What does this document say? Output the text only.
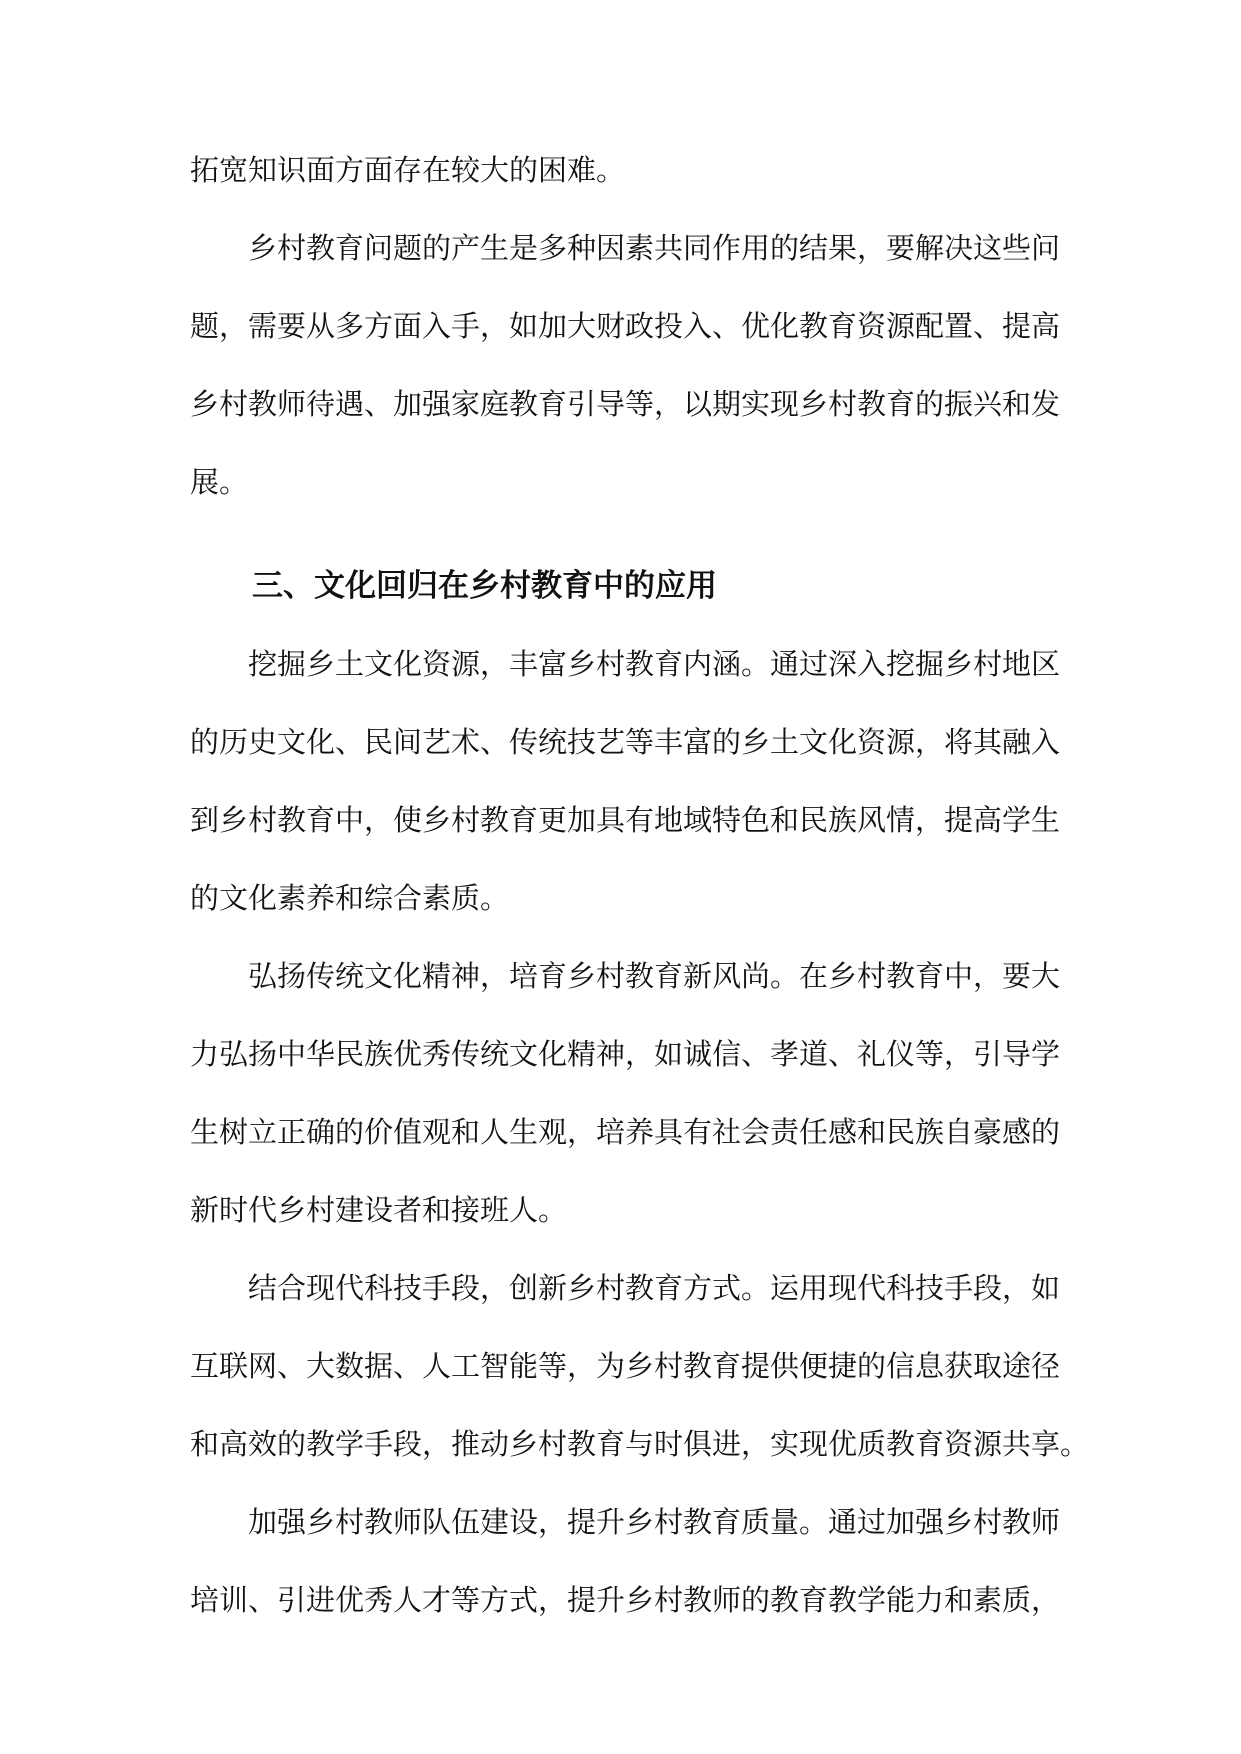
拓宽知识面方面存在较大的困难。
乡村教育问题的产生是多种因素共同作用的结果，要解决这些问
题，需要从多方面入手，如加大财政投入、优化教育资源配置、提高
乡村教师待遇、加强家庭教育引导等，以期实现乡村教育的振兴和发
展。
三、文化回归在乡村教育中的应用
挖掘乡土文化资源，丰富乡村教育内涵。通过深入挖掘乡村地区
的历史文化、民间艺术、传统技艺等丰富的乡土文化资源，将其融入
到乡村教育中，使乡村教育更加具有地域特色和民族风情，提高学生
的文化素养和综合素质。
弘扬传统文化精神，培育乡村教育新风尚。在乡村教育中，要大
力弘扬中华民族优秀传统文化精神，如诚信、孝道、礼仪等，引导学
生树立正确的价值观和人生观，培养具有社会责任感和民族自豪感的
新时代乡村建设者和接班人。
结合现代科技手段，创新乡村教育方式。运用现代科技手段，如
互联网、大数据、人工智能等，为乡村教育提供便捷的信息获取途径
和高效的教学手段，推动乡村教育与时俱进，实现优质教育资源共享。
加强乡村教师队伍建设，提升乡村教育质量。通过加强乡村教师
培训、引进优秀人才等方式，提升乡村教师的教育教学能力和素质，
